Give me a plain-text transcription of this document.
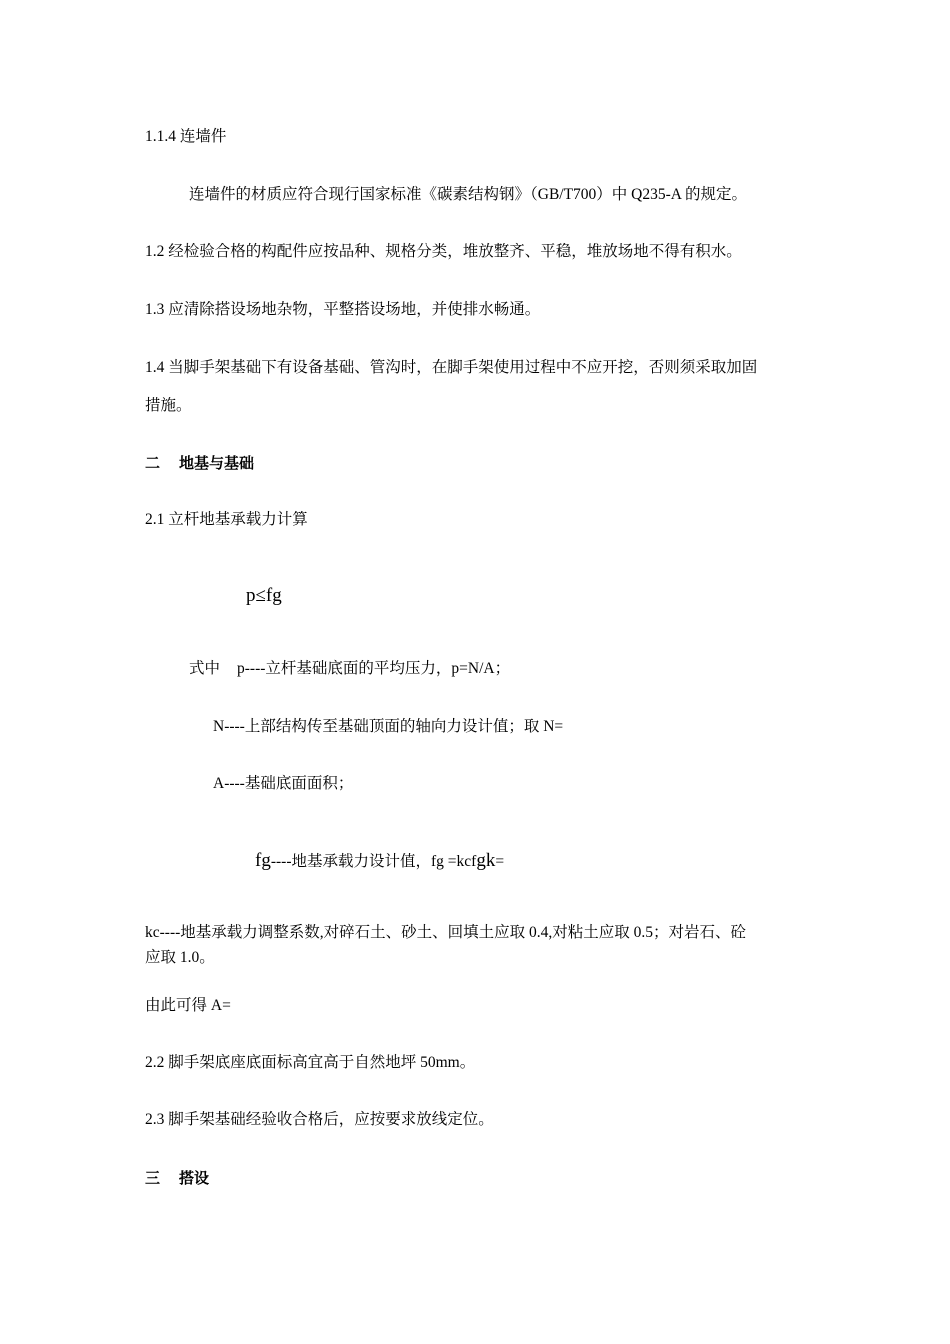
1.1.4 连墙件
连墙件的材质应符合现行国家标准《碳素结构钢》（GB/T700）中 Q235-A 的规定。
1.2 经检验合格的构配件应按品种、规格分类，堆放整齐、平稳，堆放场地不得有积水。
1.3 应清除搭设场地杂物，平整搭设场地，并使排水畅通。
1.4 当脚手架基础下有设备基础、管沟时，在脚手架使用过程中不应开挖，否则须采取加固
措施。
二 地基与基础
2.1 立杆地基承载力计算
p≤fg
式中 p----立杆基础底面的平均压力，p=N/A；
N----上部结构传至基础顶面的轴向力设计值；取 N=
A----基础底面面积；
fg----地基承载力设计值，fg =kcfgk=
kc----地基承载力调整系数,对碎石土、砂土、回填土应取 0.4,对粘土应取 0.5；对岩石、砼
应取 1.0。
由此可得 A=
2.2 脚手架底座底面标高宜高于自然地坪 50mm。
2.3 脚手架基础经验收合格后，应按要求放线定位。
三 搭设
